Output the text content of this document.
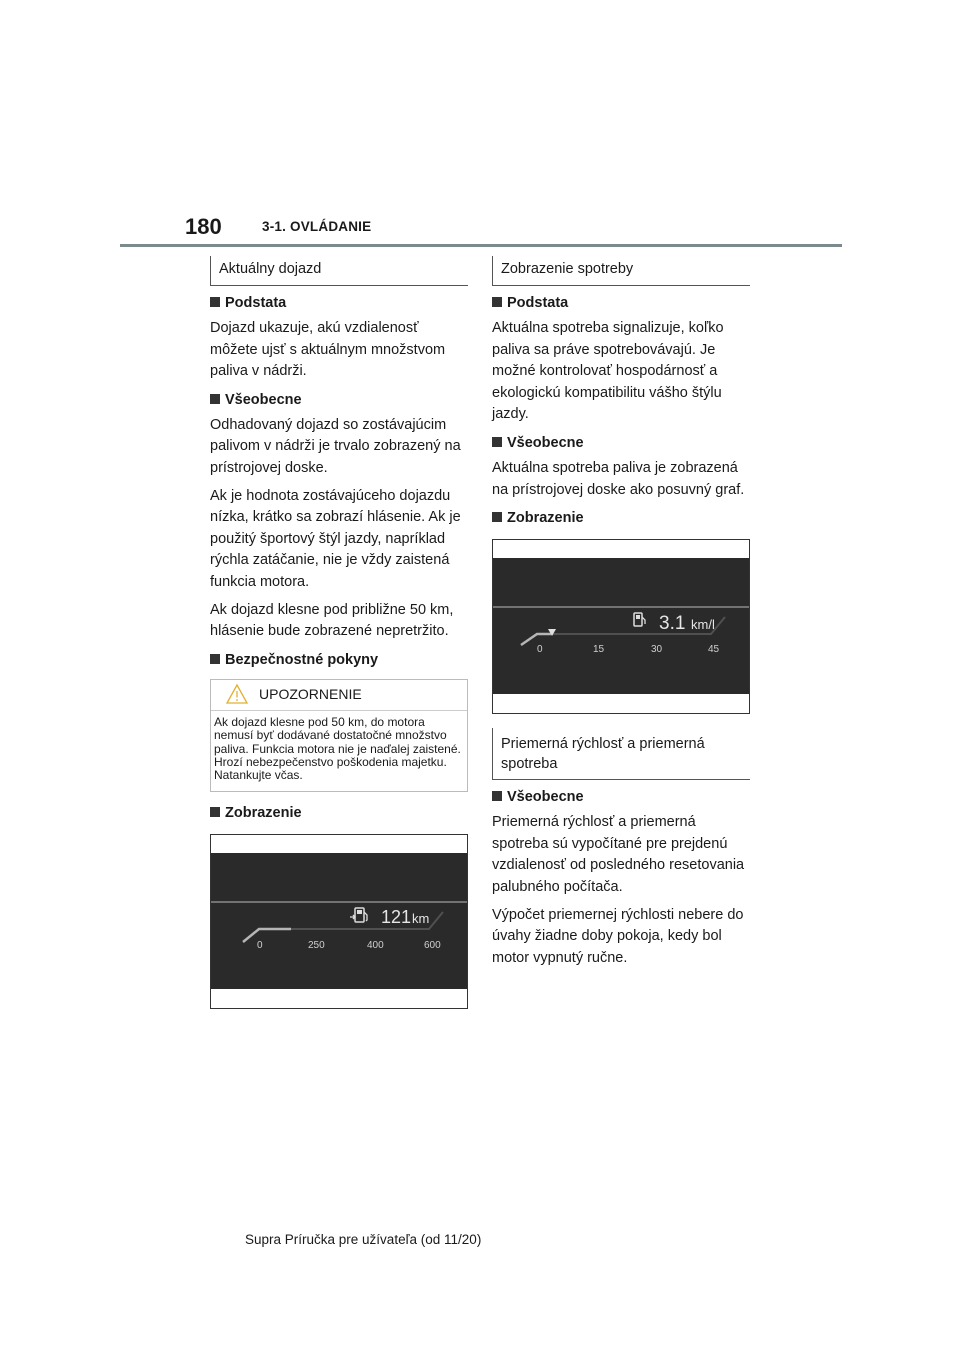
180	3-1. OVLÁDANIE
Aktuálny dojazd
Podstata

Dojazd ukazuje, akú vzdialenosť môžete ujsť s aktuálnym množstvom paliva v nádrži.

Všeobecne

Odhadovaný dojazd so zostávajúcim palivom v nádrži je trvalo zobrazený na prístrojovej doske.

Ak je hodnota zostávajúceho dojazdu nízka, krátko sa zobrazí hlásenie. Ak je použitý športový štýl jazdy, napríklad rýchla zatáčanie, nie je vždy zaistená funkcia motora.

Ak dojazd klesne pod približne 50 km, hlásenie bude zobrazené nepretržito.

Bezpečnostné pokyny
UPOZORNENIE
Ak dojazd klesne pod 50 km, do motora nemusí byť dodávané dostatočné množstvo paliva. Funkcia motora nie je naďalej zaistené. Hrozí nebezpečenstvo poškodenia majetku. Natankujte včas.
Zobrazenie
121 km
0	250	400	600
Zobrazenie spotreby
Podstata

Aktuálna spotreba signalizuje, koľko paliva sa práve spotrebovávajú. Je možné kontrolovať hospodárnosť a ekologickú kompatibilitu vášho štýlu jazdy.

Všeobecne

Aktuálna spotreba paliva je zobrazená na prístrojovej doske ako posuvný graf.

Zobrazenie
3.1 km/l
0	15	30	45
Priemerná rýchlosť a priemerná spotreba
Všeobecne

Priemerná rýchlosť a priemerná spotreba sú vypočítané pre prejdenú vzdialenosť od posledného resetovania palubného počítača.

Výpočet priemernej rýchlosti nebere do úvahy žiadne doby pokoja, kedy bol motor vypnutý ručne.

Supra Príručka pre užívateľa (od 11/20)
